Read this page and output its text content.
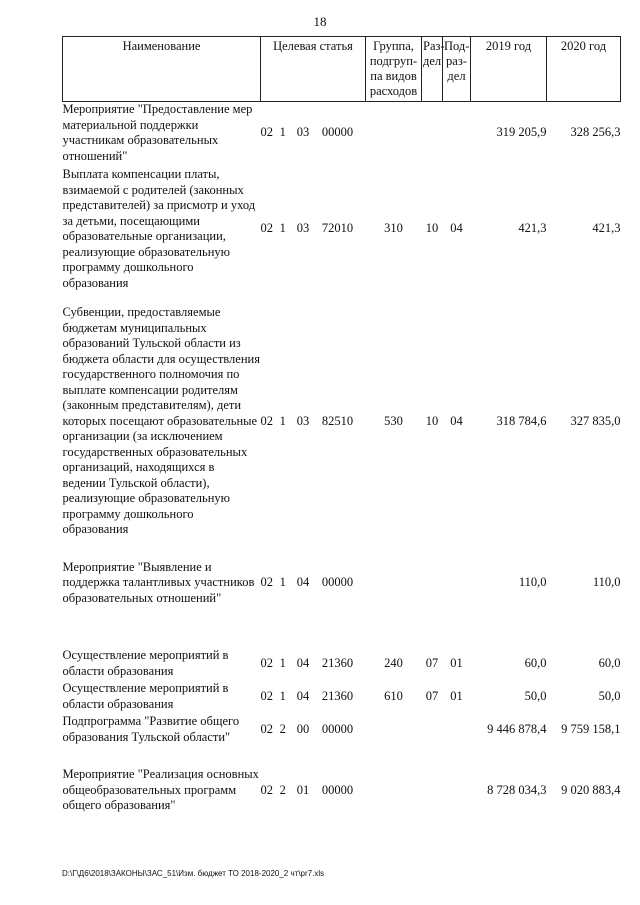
18
Наименование	Целевая статья	Группа, подгруп-па видов расходов	Раз-дел	Под-раз-дел	2019 год	2020 год
Мероприятие "Предоставление мер материальной поддержки участникам образовательных отношений"	02 1 03 00000				319 205,9	328 256,3

Выплата компенсации платы, взимаемой с родителей (законных представителей) за присмотр и уход за детьми, посещающими образовательные организации, реализующие образовательную программу дошкольного образования	02 1 03 72010	310	10	04	421,3	421,3

Субвенции, предоставляемые бюджетам муниципальных образований Тульской области из бюджета области для осуществления государственного полномочия по выплате компенсации родителям (законным представителям), дети которых посещают образовательные организации (за исключением государственных образовательных организаций, находящихся в ведении Тульской области), реализующие образовательную программу дошкольного образования	02 1 03 82510	530	10	04	318 784,6	327 835,0

Мероприятие "Выявление и поддержка талантливых участников образовательных отношений"	02 1 04 00000				110,0	110,0

Осуществление мероприятий в области образования	02 1 04 21360	240	07	01	60,0	60,0

Осуществление мероприятий в области образования	02 1 04 21360	610	07	01	50,0	50,0

Подпрограмма "Развитие общего образования Тульской области"	02 2 00 00000				9 446 878,4	9 759 158,1

Мероприятие "Реализация основных общеобразовательных программ общего образования"	02 2 01 00000				8 728 034,3	9 020 883,4

D:\Г\Д6\2018\ЗАКОНЫ\ЗАС_51\Изм. бюджет ТО 2018-2020_2 чт\pr7.xls
